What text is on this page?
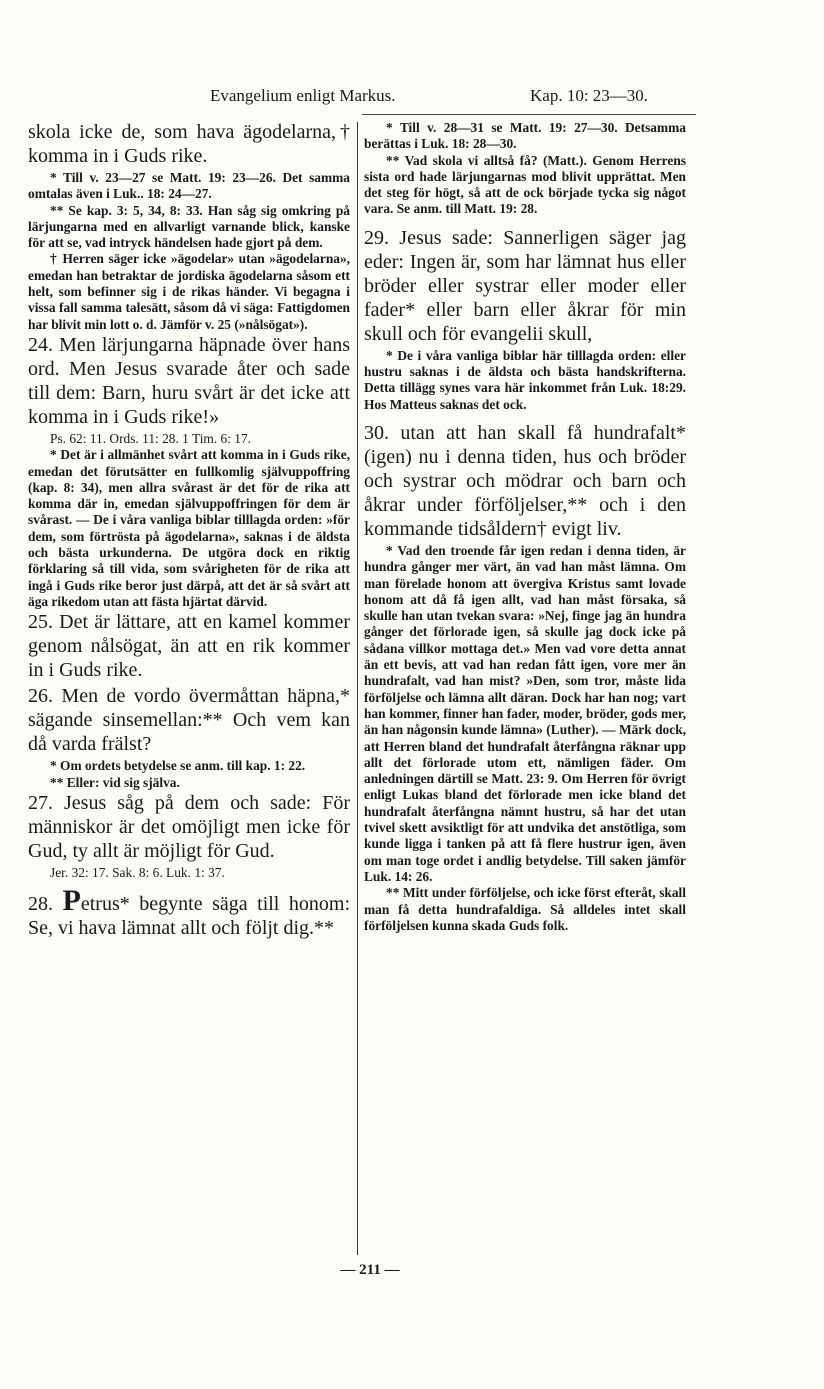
Evangelium enligt Markus.	Kap. 10: 23—30.

skola icke de, som hava ägodelarna,† komma in i Guds rike.

* Till v. 23—27 se Matt. 19: 23—26. Det samma omtalas även i Luk.. 18: 24—27.

** Se kap. 3: 5, 34, 8: 33. Han såg sig omkring på lärjungarna med en allvarligt varnande blick, kanske för att se, vad intryck händelsen hade gjort på dem.

† Herren säger icke »ägodelar» utan »ägodelarna», emedan han betraktar de jordiska ägodelarna såsom ett helt, som befinner sig i de rikas händer. Vi begagna i vissa fall samma talesätt, såsom då vi säga: Fattigdomen har blivit min lott o. d. Jämför v. 25 (»nålsögat»).

24. Men lärjungarna häpnade över hans ord. Men Jesus svarade åter och sade till dem: Barn, huru svårt är det icke att komma in i Guds rike!»

Ps. 62: 11. Ords. 11: 28. 1 Tim. 6: 17.

* Det är i allmänhet svårt att komma in i Guds rike, emedan det förutsätter en fullkomlig självuppoffring (kap. 8: 34), men allra svårast är det för de rika att komma där in, emedan självuppoffringen för dem är svårast. — De i våra vanliga biblar tilllagda orden: »för dem, som förtrösta på ägodelarna», saknas i de äldsta och bästa urkunderna. De utgöra dock en riktig förklaring så till vida, som svårigheten för de rika att ingå i Guds rike beror just därpå, att det är så svårt att äga rikedom utan att fästa hjärtat därvid.

25. Det är lättare, att en kamel kommer genom nålsögat, än att en rik kommer in i Guds rike.

26. Men de vordo övermåttan häpna,* sägande sinsemellan:** Och vem kan då varda frälst?

* Om ordets betydelse se anm. till kap. 1: 22.

** Eller: vid sig själva.

27. Jesus såg på dem och sade: För människor är det omöjligt men icke för Gud, ty allt är möjligt för Gud.

Jer. 32: 17. Sak. 8: 6. Luk. 1: 37.

28. Petrus* begynte säga till honom: Se, vi hava lämnat allt och följt dig.**

* Till v. 28—31 se Matt. 19: 27—30. Detsamma berättas i Luk. 18: 28—30.

** Vad skola vi alltså få? (Matt.). Genom Herrens sista ord hade lärjungarnas mod blivit upprättat. Men det steg för högt, så att de ock började tycka sig något vara. Se anm. till Matt. 19: 28.

29. Jesus sade: Sannerligen säger jag eder: Ingen är, som har lämnat hus eller bröder eller systrar eller moder eller fader* eller barn eller åkrar för min skull och för evangelii skull,

* De i våra vanliga biblar här tilllagda orden: eller hustru saknas i de äldsta och bästa handskrifterna. Detta tillägg synes vara här inkommet från Luk. 18:29. Hos Matteus saknas det ock.

30. utan att han skall få hundrafalt* (igen) nu i denna tiden, hus och bröder och systrar och mödrar och barn och åkrar under förföljelser,** och i den kommande tidsåldern† evigt liv.

* Vad den troende får igen redan i denna tiden, är hundra gånger mer värt, än vad han måst lämna. Om man förelade honom att övergiva Kristus samt lovade honom att då få igen allt, vad han måst försaka, så skulle han utan tvekan svara: »Nej, finge jag än hundra gånger det förlorade igen, så skulle jag dock icke på sådana villkor mottaga det.» Men vad vore detta annat än ett bevis, att vad han redan fått igen, vore mer än hundrafalt, vad han mist? »Den, som tror, måste lida förföljelse och lämna allt däran. Dock har han nog; vart han kommer, finner han fader, moder, bröder, gods mer, än han någonsin kunde lämna» (Luther). — Märk dock, att Herren bland det hundrafalt återfångna räknar upp allt det förlorade utom ett, nämligen fäder. Om anledningen därtill se Matt. 23: 9. Om Herren för övrigt enligt Lukas bland det förlorade men icke bland det hundrafalt återfångna nämnt hustru, så har det utan tvivel skett avsiktligt för att undvika det anstötliga, som kunde ligga i tanken på att få flere hustrur igen, även om man toge ordet i andlig betydelse. Till saken jämför Luk. 14: 26.

** Mitt under förföljelse, och icke först efteråt, skall man få detta hundrafaldiga. Så alldeles intet skall förföljelsen kunna skada Guds folk.

— 211 —
